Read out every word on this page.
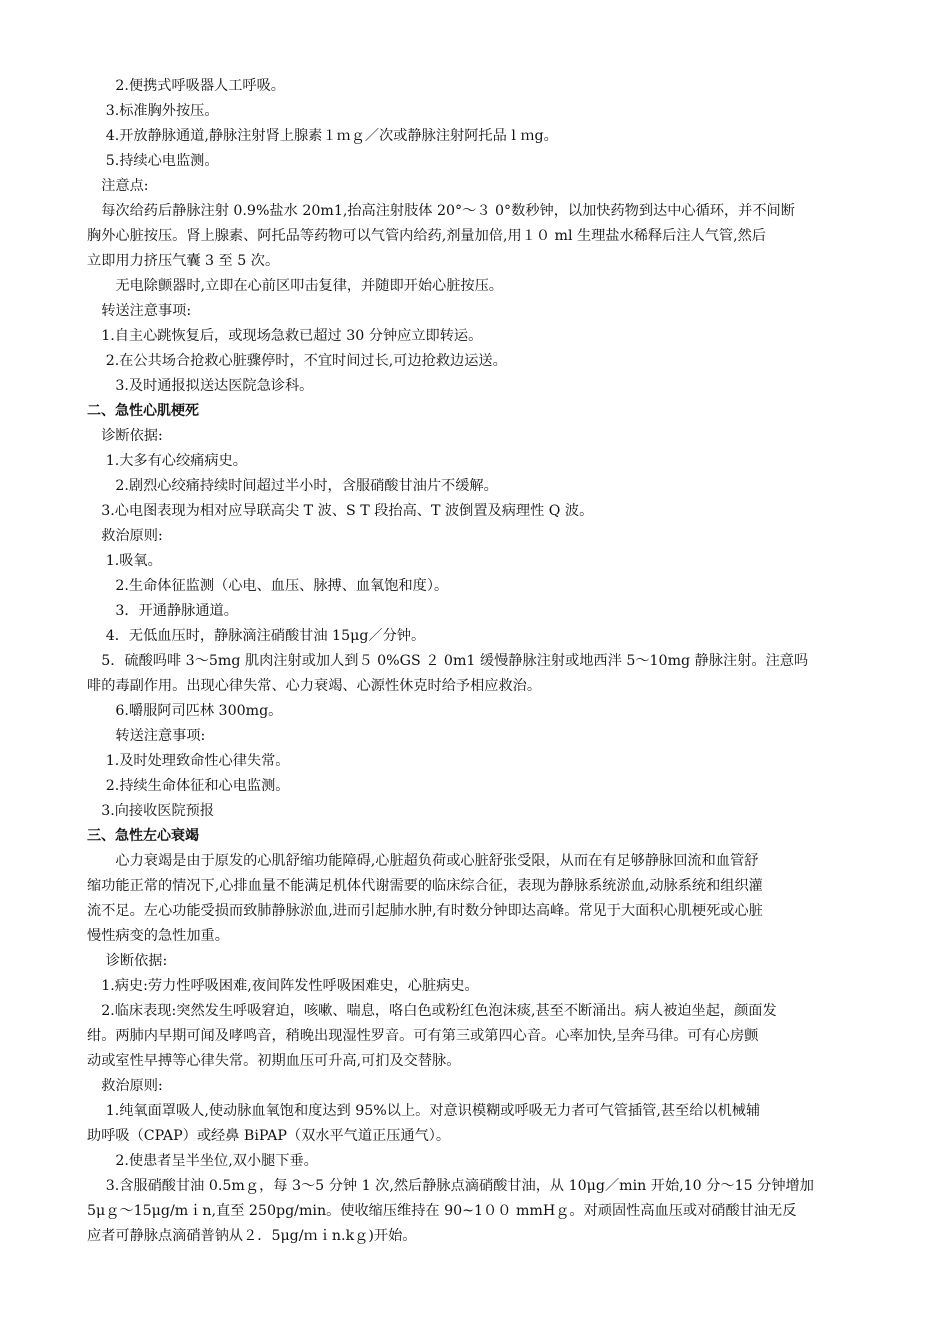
　　2.便携式呼吸器人工呼吸。
　 3.标准胸外按压。
　 4.开放静脉通道,静脉注射肾上腺素１ｍｇ／次或静脉注射阿托品 l ｍg。
　 5.持续心电监测。
　注意点:
　每次给药后静脉注射 0.9%盐水 20m1,抬高注射肢体 20°～３ 0°数秒钟，以加快药物到达中心循环，并不间断
胸外心脏按压。肾上腺素、阿托品等药物可以气管内给药,剂量加倍,用１０ ml 生理盐水稀释后注人气管,然后
立即用力挤压气囊 3 至 5 次。
　　无电除颤器时,立即在心前区叩击复律，并随即开始心脏按压。
　转送注意事项:
　1.自主心跳恢复后，或现场急救已超过 30 分钟应立即转运。
　 2.在公共场合抢救心脏骤停时，不宜时间过长,可边抢救边运送。
　　3.及时通报拟送达医院急诊科。
二、急性心肌梗死
　诊断依据:
　 1.大多有心绞痛病史。
　　2.剧烈心绞痛持续时间超过半小时，含服硝酸甘油片不缓解。
　3.心电图表现为相对应导联高尖 T 波、S T 段抬高、T 波倒置及病理性 Q 波。
　救治原则:
　 1.吸氧。
　　2.生命体征监测（心电、血压、脉搏、血氧饱和度）。
　　3．开通静脉通道。
　 4．无低血压时，静脉滴注硝酸甘油 15μg／分钟。
　5．硫酸吗啡 3～5mg 肌肉注射或加人到５ 0%GS ２ 0m1 缓慢静脉注射或地西泮 5～10mg 静脉注射。注意吗
啡的毒副作用。出现心律失常、心力衰竭、心源性休克时给予相应救治。
　　6.嚼服阿司匹林 300mg。
　　转送注意事项:
　 1.及时处理致命性心律失常。
　 2.持续生命体征和心电监测。
　3.向接收医院预报
三、急性左心衰竭
　　心力衰竭是由于原发的心肌舒缩功能障碍,心脏超负荷或心脏舒张受限，从而在有足够静脉回流和血管舒
缩功能正常的情况下,心排血量不能满足机体代谢需要的临床综合征，表现为静脉系统淤血,动脉系统和组织灌
流不足。左心功能受损而致肺静脉淤血,进而引起肺水肿,有时数分钟即达高峰。常见于大面积心肌梗死或心脏
慢性病变的急性加重。
　 诊断依据:
　1.病史:劳力性呼吸困难,夜间阵发性呼吸困难史，心脏病史。
　2.临床表现:突然发生呼吸窘迫，咳嗽、喘息，咯白色或粉红色泡沫痰,甚至不断涌出。病人被迫坐起，颜面发
绀。两肺内早期可闻及哮鸣音，稍晚出现湿性罗音。可有第三或第四心音。心率加快,呈奔马律。可有心房颤
动或室性早搏等心律失常。初期血压可升高,可扪及交替脉。
　救治原则:
　 1.纯氧面罩吸人,使动脉血氧饱和度达到 95%以上。对意识模糊或呼吸无力者可气管插管,甚至给以机械辅
助呼吸（CPAP）或经鼻 BiPAP（双水平气道正压通气）。
　　2.使患者呈半坐位,双小腿下垂。
　 3.含服硝酸甘油 0.5mｇ，每 3～5 分钟 1 次,然后静脉点滴硝酸甘油，从 10μg／min 开始,10 分～15 分钟增加
5μｇ～15μg/mｉn,直至 250pg/min。使收缩压维持在 90~1００ mmHｇ。对顽固性高血压或对硝酸甘油无反
应者可静脉点滴硝普钠从２．5μg/ｍｉn.kｇ)开始。
